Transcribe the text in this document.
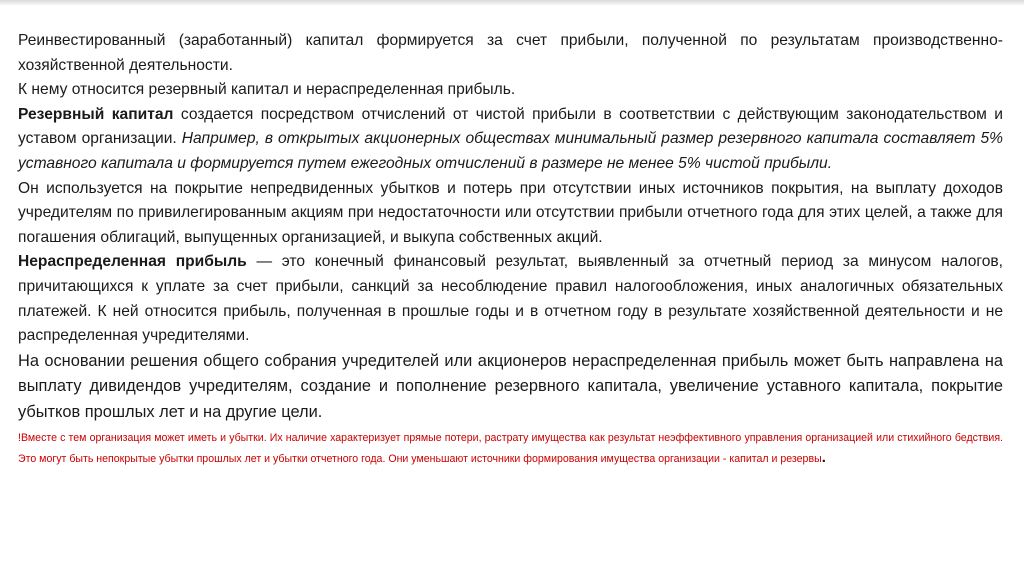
Реинвестированный (заработанный) капитал формируется за счет прибыли, полученной по результатам производственно-хозяйственной деятельности.

К нему относится резервный капитал и нераспределенная прибыль.

Резервный капитал создается посредством отчислений от чистой прибыли в соответствии с действующим законодательством и уставом организации. Например, в открытых акционерных обществах минимальный размер резервного капитала составляет 5% уставного капитала и формируется путем ежегодных отчислений в размере не менее 5% чистой прибыли.

Он используется на покрытие непредвиденных убытков и потерь при отсутствии иных источников покрытия, на выплату доходов учредителям по привилегированным акциям при недостаточности или отсутствии прибыли отчетного года для этих целей, а также для погашения облигаций, выпущенных организацией, и выкупа собственных акций.

Нераспределенная прибыль — это конечный финансовый результат, выявленный за отчетный период за минусом налогов, причитающихся к уплате за счет прибыли, санкций за несоблюдение правил налогообложения, иных аналогичных обязательных платежей. К ней относится прибыль, полученная в прошлые годы и в отчетном году в результате хозяйственной деятельности и не распределенная учредителями.

На основании решения общего собрания учредителей или акционеров нераспределенная прибыль может быть направлена на выплату дивидендов учредителям, создание и пополнение резервного капитала, увеличение уставного капитала, покрытие убытков прошлых лет и на другие цели.

!Вместе с тем организация может иметь и убытки. Их наличие характеризует прямые потери, растрату имущества как результат неэффективного управления организацией или стихийного бедствия. Это могут быть непокрытые убытки прошлых лет и убытки отчетного года. Они уменьшают источники формирования имущества организации - капитал и резервы.
